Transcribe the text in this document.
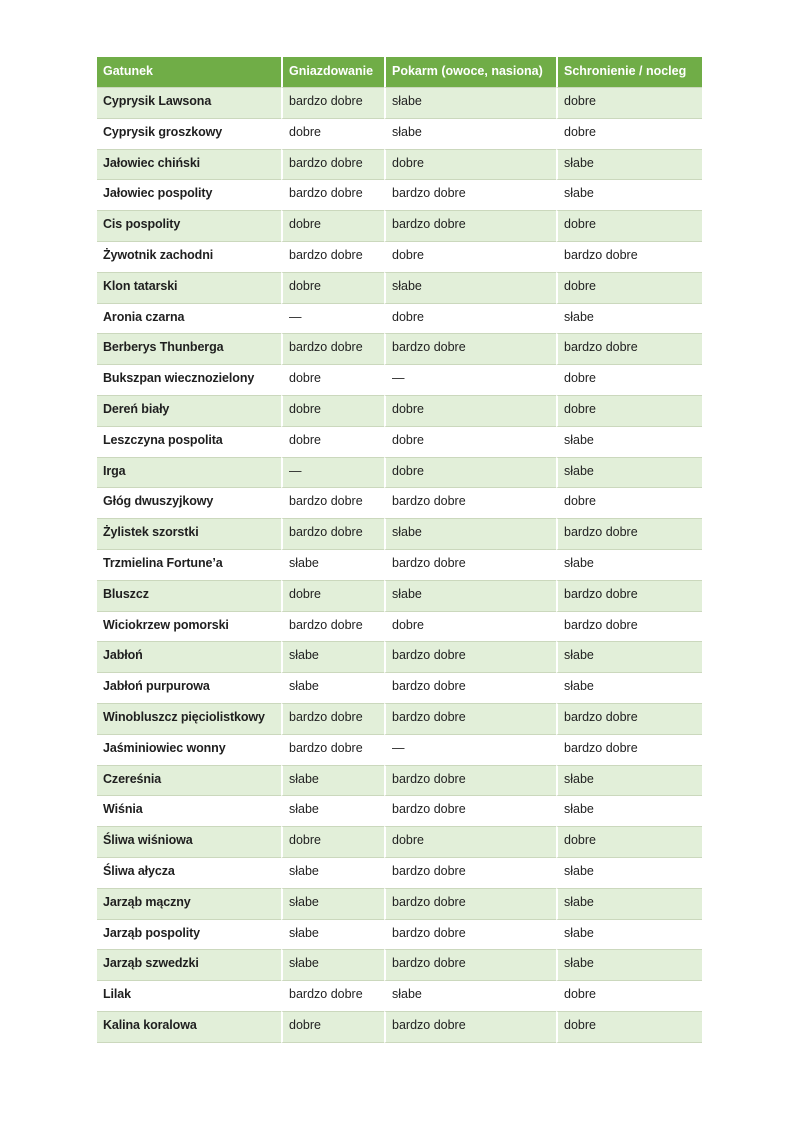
Gatunek	Gniazdowanie	Pokarm (owoce, nasiona)	Schronienie / nocleg
Cyprysik Lawsona	bardzo dobre	słabe	dobre
Cyprysik groszkowy	dobre	słabe	dobre
Jałowiec chiński	bardzo dobre	dobre	słabe
Jałowiec pospolity	bardzo dobre	bardzo dobre	słabe
Cis pospolity	dobre	bardzo dobre	dobre
Żywotnik zachodni	bardzo dobre	dobre	bardzo dobre
Klon tatarski	dobre	słabe	dobre
Aronia czarna	—	dobre	słabe
Berberys Thunberga	bardzo dobre	bardzo dobre	bardzo dobre
Bukszpan wiecznozielony	dobre	—	dobre
Dereń biały	dobre	dobre	dobre
Leszczyna pospolita	dobre	dobre	słabe
Irga	—	dobre	słabe
Głóg dwuszyjkowy	bardzo dobre	bardzo dobre	dobre
Żylistek szorstki	bardzo dobre	słabe	bardzo dobre
Trzmielina Fortune’a	słabe	bardzo dobre	słabe
Bluszcz	dobre	słabe	bardzo dobre
Wiciokrzew pomorski	bardzo dobre	dobre	bardzo dobre
Jabłoń	słabe	bardzo dobre	słabe
Jabłoń purpurowa	słabe	bardzo dobre	słabe
Winobluszcz pięciolistkowy	bardzo dobre	bardzo dobre	bardzo dobre
Jaśminiowiec wonny	bardzo dobre	—	bardzo dobre
Czereśnia	słabe	bardzo dobre	słabe
Wiśnia	słabe	bardzo dobre	słabe
Śliwa wiśniowa	dobre	dobre	dobre
Śliwa ałycza	słabe	bardzo dobre	słabe
Jarząb mączny	słabe	bardzo dobre	słabe
Jarząb pospolity	słabe	bardzo dobre	słabe
Jarząb szwedzki	słabe	bardzo dobre	słabe
Lilak	bardzo dobre	słabe	dobre
Kalina koralowa	dobre	bardzo dobre	dobre
